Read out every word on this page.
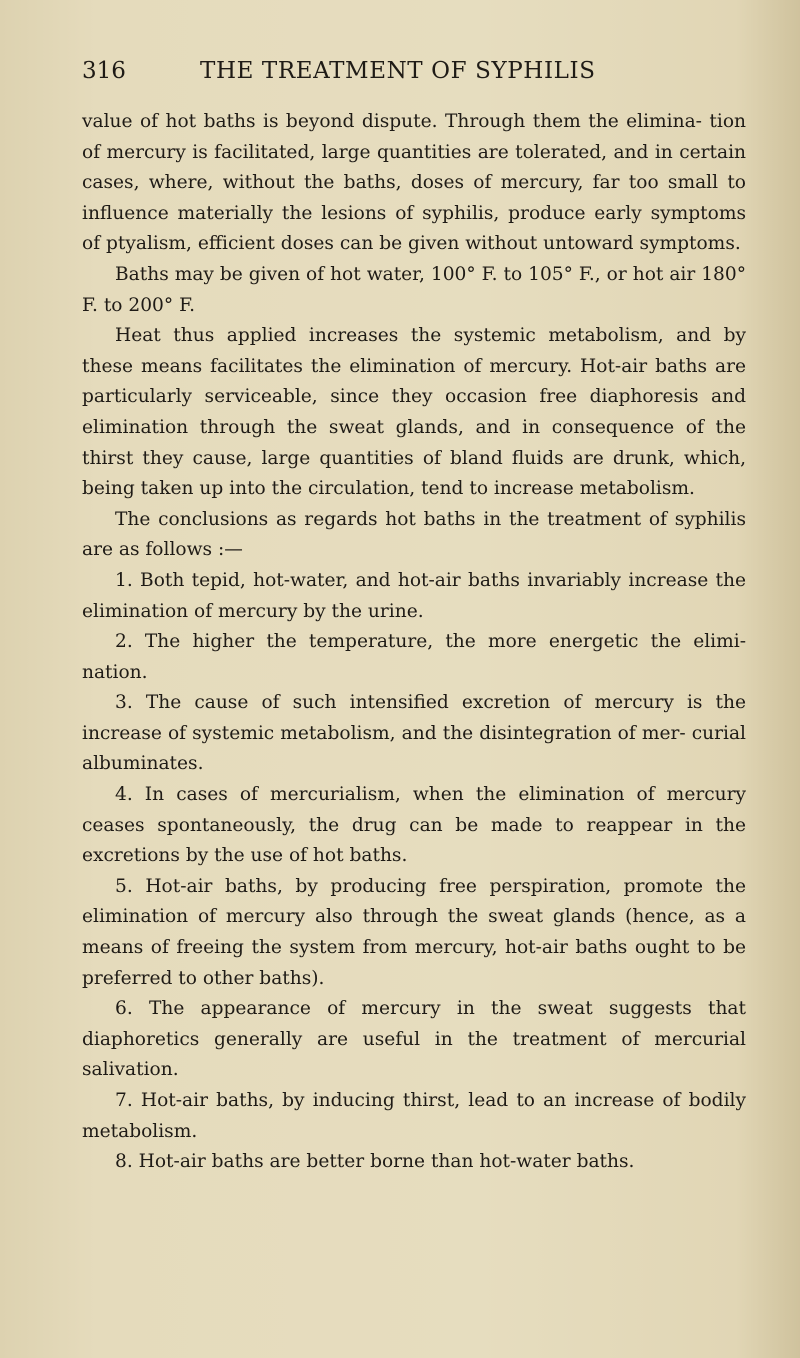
316	THE TREATMENT OF SYPHILIS

value of hot baths is beyond dispute. Through them the elimina- tion of mercury is facilitated, large quantities are tolerated, and in certain cases, where, without the baths, doses of mercury, far too small to influence materially the lesions of syphilis, produce early symptoms of ptyalism, efficient doses can be given without untoward symptoms.

Baths may be given of hot water, 100° F. to 105° F., or hot air 180° F. to 200° F.

Heat thus applied increases the systemic metabolism, and by these means facilitates the elimination of mercury. Hot-air baths are particularly serviceable, since they occasion free diaphoresis and elimination through the sweat glands, and in consequence of the thirst they cause, large quantities of bland fluids are drunk, which, being taken up into the circulation, tend to increase metabolism.

The conclusions as regards hot baths in the treatment of syphilis are as follows :—

1. Both tepid, hot-water, and hot-air baths invariably increase the elimination of mercury by the urine.

2. The higher the temperature, the more energetic the elimi- nation.

3. The cause of such intensified excretion of mercury is the increase of systemic metabolism, and the disintegration of mer- curial albuminates.

4. In cases of mercurialism, when the elimination of mercury ceases spontaneously, the drug can be made to reappear in the excretions by the use of hot baths.

5. Hot-air baths, by producing free perspiration, promote the elimination of mercury also through the sweat glands (hence, as a means of freeing the system from mercury, hot-air baths ought to be preferred to other baths).

6. The appearance of mercury in the sweat suggests that diaphoretics generally are useful in the treatment of mercurial salivation.

7. Hot-air baths, by inducing thirst, lead to an increase of bodily metabolism.

8. Hot-air baths are better borne than hot-water baths.
